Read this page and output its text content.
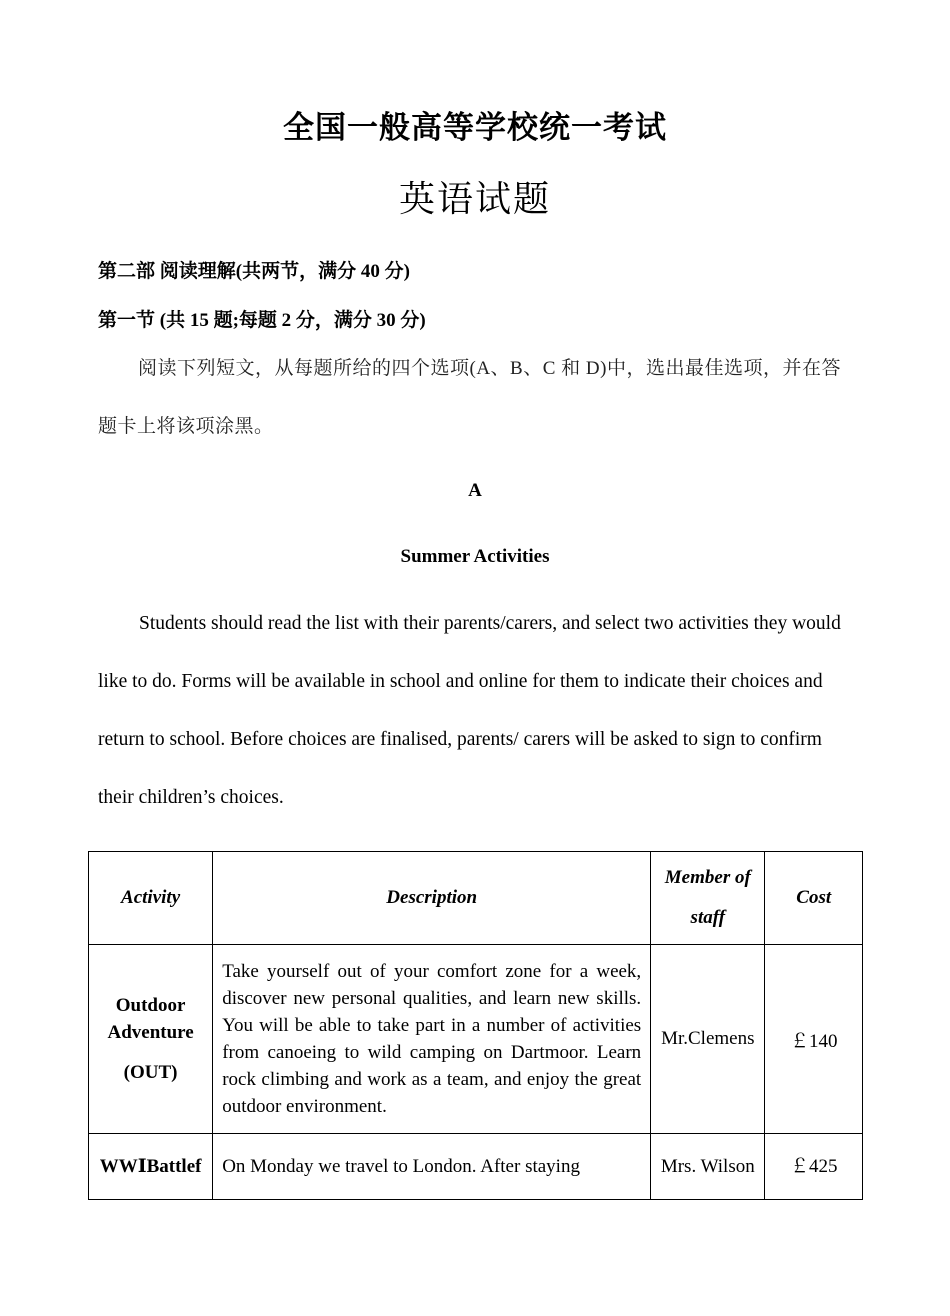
全国一般高等学校统一考试
英语试题
第二部 阅读理解(共两节，满分 40 分)
第一节 (共 15 题;每题 2 分，满分 30 分)
阅读下列短文，从每题所给的四个选项(A、B、C 和 D)中，选出最佳选项，并在答题卡上将该项涂黑。
A
Summer Activities
Students should read the list with their parents/carers, and select two activities they would like to do. Forms will be available in school and online for them to indicate their choices and return to school. Before choices are finalised, parents/ carers will be asked to sign to confirm their children’s choices.
Activity	Description	Member of staff	Cost
Outdoor Adventure
(OUT)	Take yourself out of your comfort zone for a week, discover new personal qualities, and learn new skills. You will be able to take part in a number of activities from canoeing to wild camping on Dartmoor. Learn rock climbing and work as a team, and enjoy the great outdoor environment.	Mr.Clemens	￡140
WWⅠBattlef	On Monday we travel to London. After staying	Mrs. Wilson	￡425
